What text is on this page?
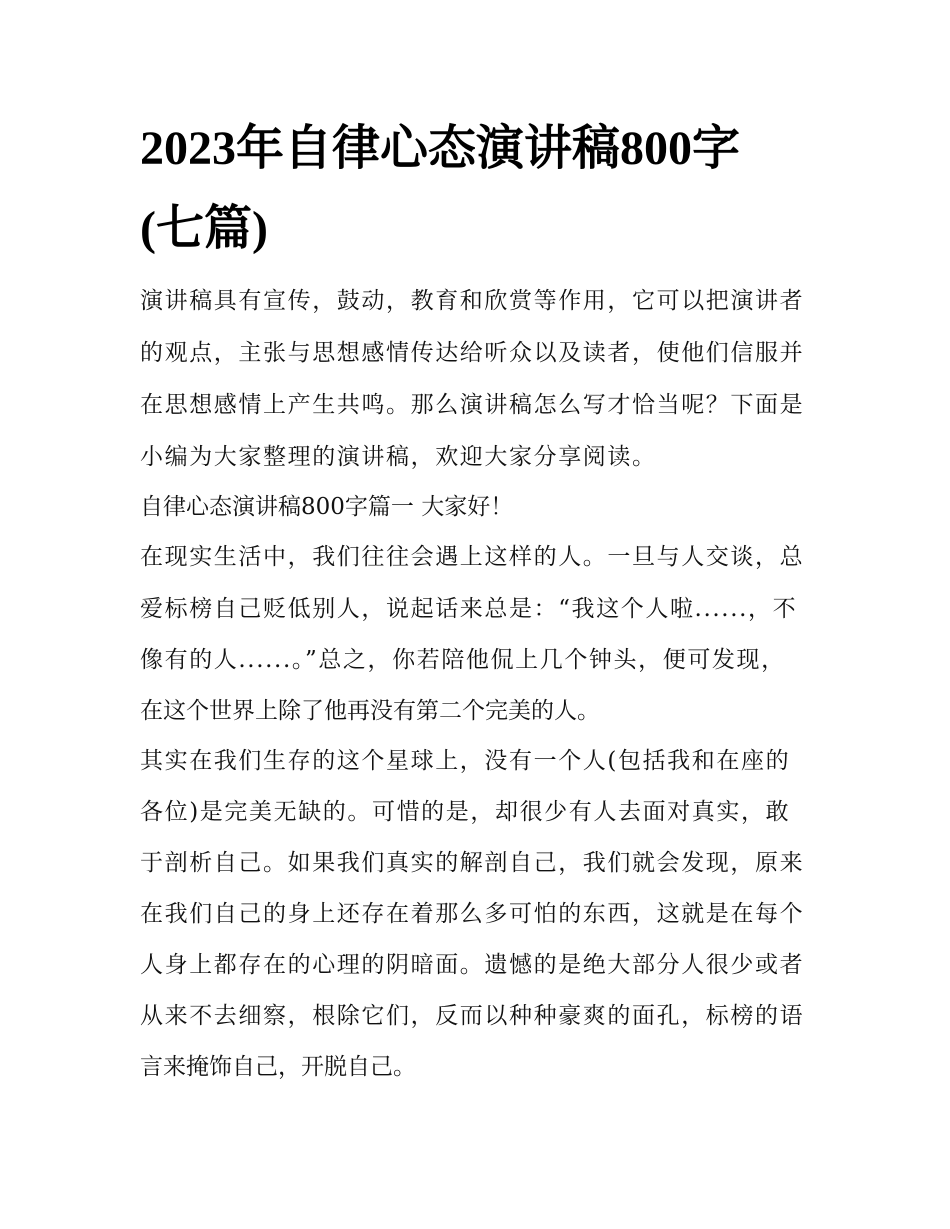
2023年自律心态演讲稿800字
(七篇)
演讲稿具有宣传，鼓动，教育和欣赏等作用，它可以把演讲者
的观点，主张与思想感情传达给听众以及读者，使他们信服并
在思想感情上产生共鸣。那么演讲稿怎么写才恰当呢？下面是
小编为大家整理的演讲稿，欢迎大家分享阅读。
自律心态演讲稿800字篇一 大家好！
在现实生活中，我们往往会遇上这样的人。一旦与人交谈，总
爱标榜自己贬低别人，说起话来总是：“我这个人啦......，不
像有的人......。”总之，你若陪他侃上几个钟头，便可发现，
在这个世界上除了他再没有第二个完美的人。
其实在我们生存的这个星球上，没有一个人(包括我和在座的
各位)是完美无缺的。可惜的是，却很少有人去面对真实，敢
于剖析自己。如果我们真实的解剖自己，我们就会发现，原来
在我们自己的身上还存在着那么多可怕的东西，这就是在每个
人身上都存在的心理的阴暗面。遗憾的是绝大部分人很少或者
从来不去细察，根除它们，反而以种种豪爽的面孔，标榜的语
言来掩饰自己，开脱自己。
